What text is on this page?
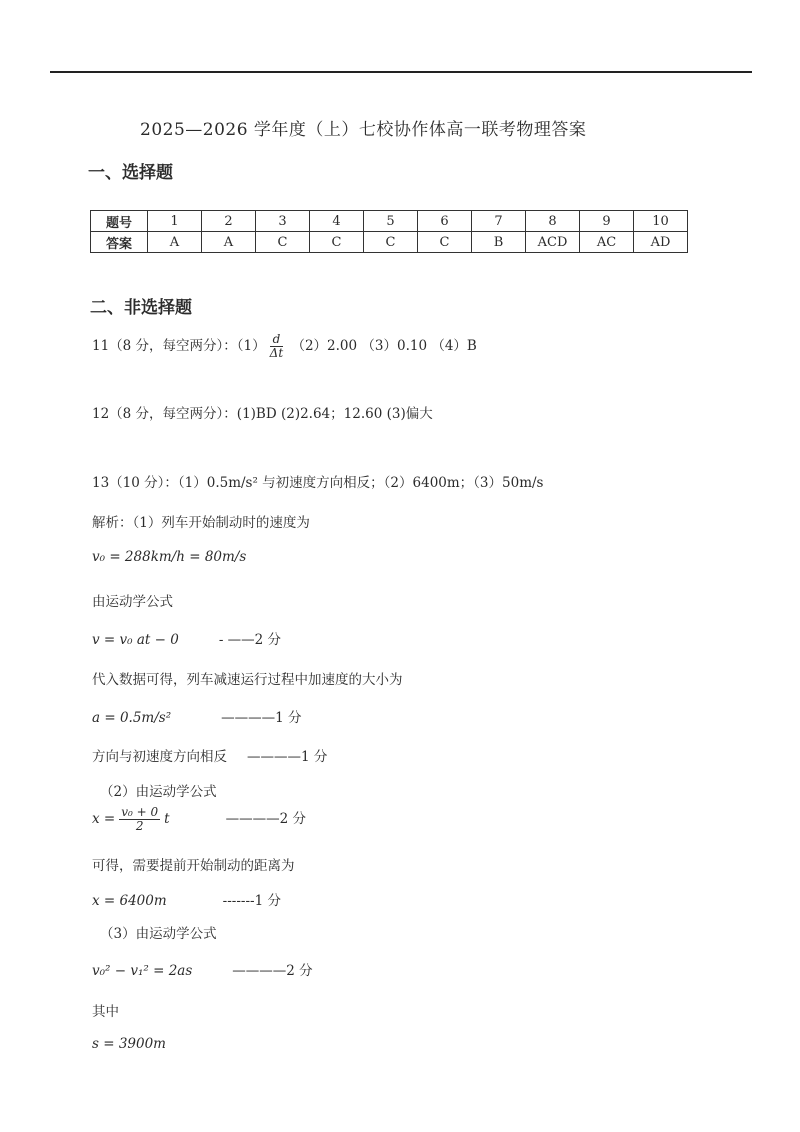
2025—2026 学年度（上）七校协作体高一联考物理答案
一、选择题
题号	1	2	3	4	5	6	7	8	9	10
答案	A	A	C	C	C	C	B	ACD	AC	AD
二、非选择题
11（8 分，每空两分）：$(1) \frac{d}{\Delta t} (2)2.00$ （3）0.10 （4）B
12（8 分，每空两分）：(1)BD (2)2.64；12.60 (3)偏大
13（10 分）：（1）0.5m/s² 与初速度方向相反；（2）6400m；（3）50m/s
解析：（1）列车开始制动时的速度为
v₀ = 288km/h = 80m/s
由运动学公式
v = v₀ at − 0	- ——2 分
代入数据可得，列车减速运行过程中加速度的大小为
a = 0.5m/s²	————1 分
方向与初速度方向相反 ————1 分
（2）由运动学公式
$x = \frac{\text{v₀ + 0}}{2}$ t	————2 分
可得，需要提前开始制动的距离为
x = 6400m	-------1 分
（3）由运动学公式
v₀² − v₁² = 2as	————2 分
其中
s = 3900m
